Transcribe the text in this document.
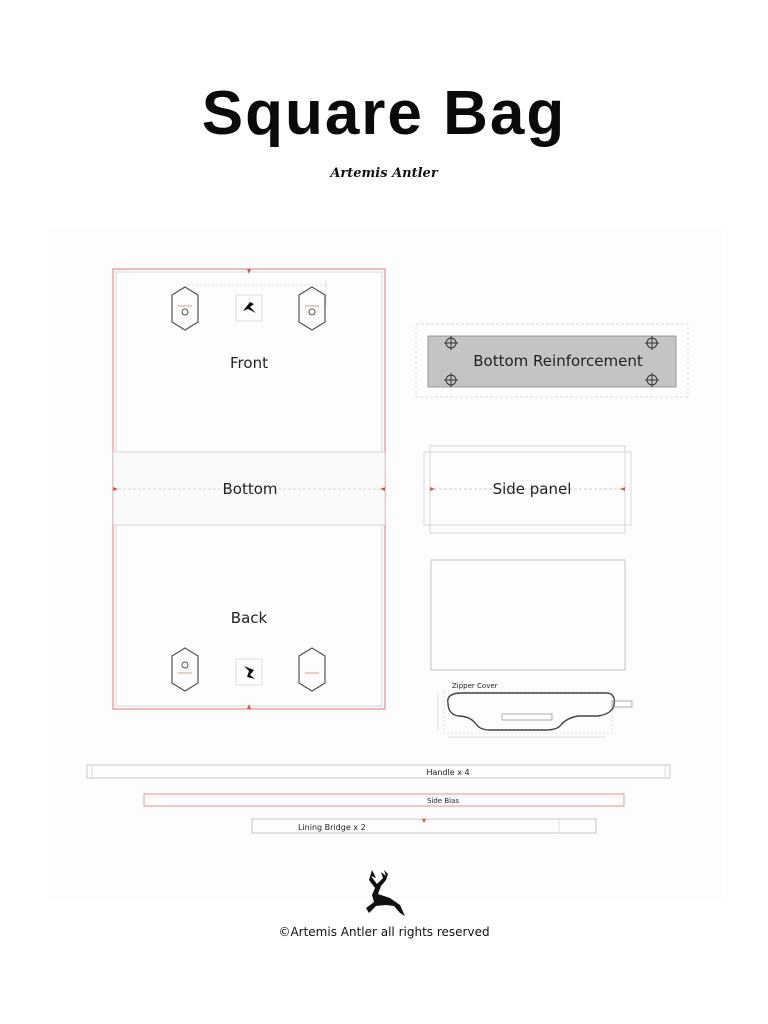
Square Bag
Artemis Antler
Front
Bottom
Back
Bottom Reinforcement
Side panel
Zipper Cover
Handle x 4
Side Bias
Lining Bridge x 2
©Artemis Antler all rights reserved
